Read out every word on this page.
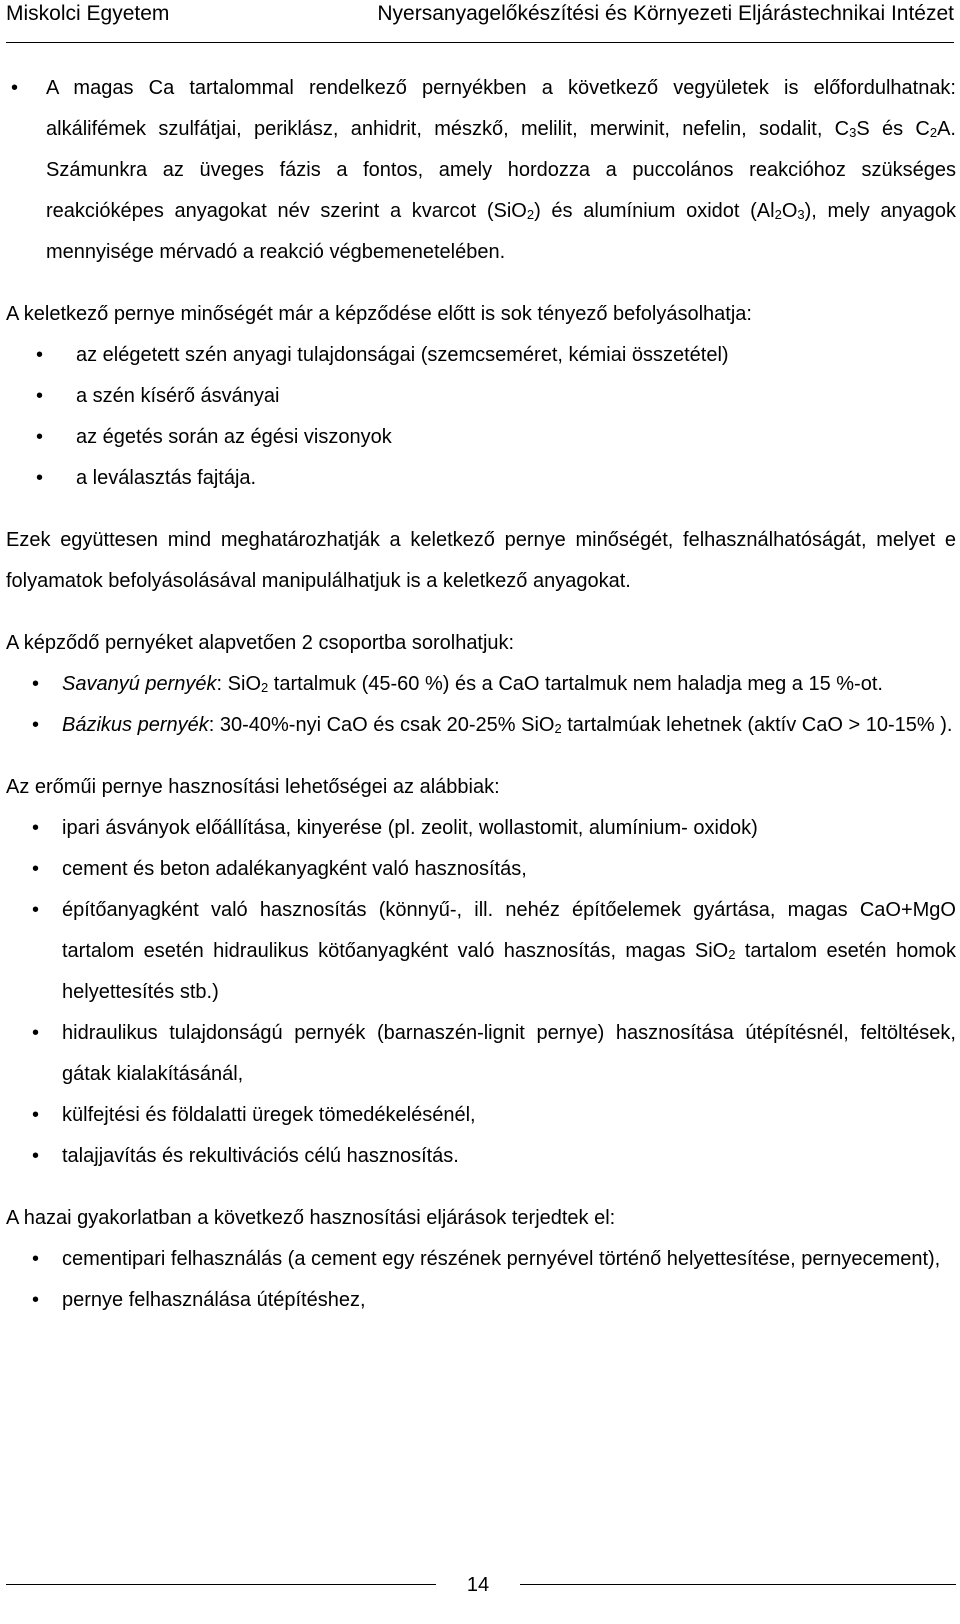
Miskolci Egyetem	Nyersanyagelőkészítési és Környezeti Eljárástechnikai Intézet
• A magas Ca tartalommal rendelkező pernyékben a következő vegyületek is előfordulhatnak: alkálifémek szulfátjai, periklász, anhidrit, mészkő, melilit, merwinit, nefelin, sodalit, $C_3S$ és $C_2A$. Számunkra az üveges fázis a fontos, amely hordozza a puccolános reakcióhoz szükséges reakcióképes anyagokat név szerint a kvarcot (SiO$_2$) és alumínium oxidot $(Al_2O_3)$, mely anyagok mennyisége mérvadó a reakció végbemenetelében.

A keletkező pernye minőségét már a képződése előtt is sok tényező befolyásolhatja:

• az elégetett szén anyagi tulajdonságai (szemcseméret, kémiai összetétel)
• a szén kísérő ásványai
• az égetés során az égési viszonyok
• a leválasztás fajtája.

Ezek együttesen mind meghatározhatják a keletkező pernye minőségét, felhasználhatóságát, melyet e folyamatok befolyásolásával manipulálhatjuk is a keletkező anyagokat.

A képződő pernyéket alapvetően 2 csoportba sorolhatjuk:

• Savanyú pernyék: SiO$_2$ tartalmuk (45-60 %) és a CaO tartalmuk nem haladja meg a 15 %-ot.
• Bázikus pernyék: 30-40%-nyi CaO és csak 20-25% SiO$_2$ tartalmúak lehetnek (aktív CaO > 10-15% ).

Az erőműi pernye hasznosítási lehetőségei az alábbiak:

• ipari ásványok előállítása, kinyerése (pl. zeolit, wollastomit, alumínium- oxidok)
• cement és beton adalékanyagként való hasznosítás,
• építőanyagként való hasznosítás (könnyű-, ill. nehéz építőelemek gyártása, magas CaO+MgO tartalom esetén hidraulikus kötőanyagként való hasznosítás, magas SiO$_2$ tartalom esetén homok helyettesítés stb.)
• hidraulikus tulajdonságú pernyék (barnaszén-lignit pernye) hasznosítása útépítésnél, feltöltések, gátak kialakításánál,
• külfejtési és földalatti üregek tömedékelésénél,
• talajjavítás és rekultivációs célú hasznosítás.

A hazai gyakorlatban a következő hasznosítási eljárások terjedtek el:

• cementipari felhasználás (a cement egy részének pernyével történő helyettesítése, pernyecement),
• pernye felhasználása útépítéshez,
14
